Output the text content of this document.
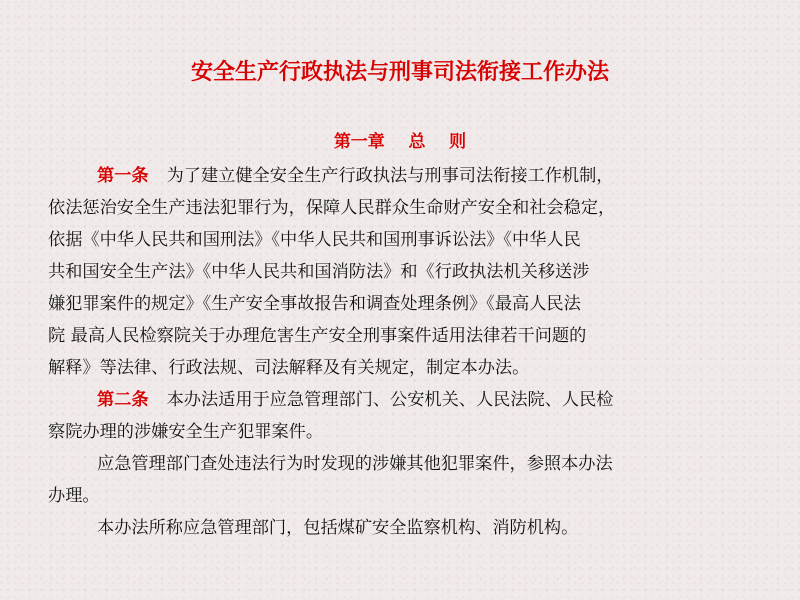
安全生产行政执法与刑事司法衔接工作办法
第一章    总    则
第一条 为了建立健全安全生产行政执法与刑事司法衔接工作机制，
依法惩治安全生产违法犯罪行为，保障人民群众生命财产安全和社会稳定，
依据《中华人民共和国刑法》《中华人民共和国刑事诉讼法》《中华人民
共和国安全生产法》《中华人民共和国消防法》和《行政执法机关移送涉
嫌犯罪案件的规定》《生产安全事故报告和调查处理条例》《最高人民法
院 最高人民检察院关于办理危害生产安全刑事案件适用法律若干问题的
解释》等法律、行政法规、司法解释及有关规定，制定本办法。
第二条 本办法适用于应急管理部门、公安机关、人民法院、人民检
察院办理的涉嫌安全生产犯罪案件。
应急管理部门查处违法行为时发现的涉嫌其他犯罪案件，参照本办法
办理。
本办法所称应急管理部门，包括煤矿安全监察机构、消防机构。
